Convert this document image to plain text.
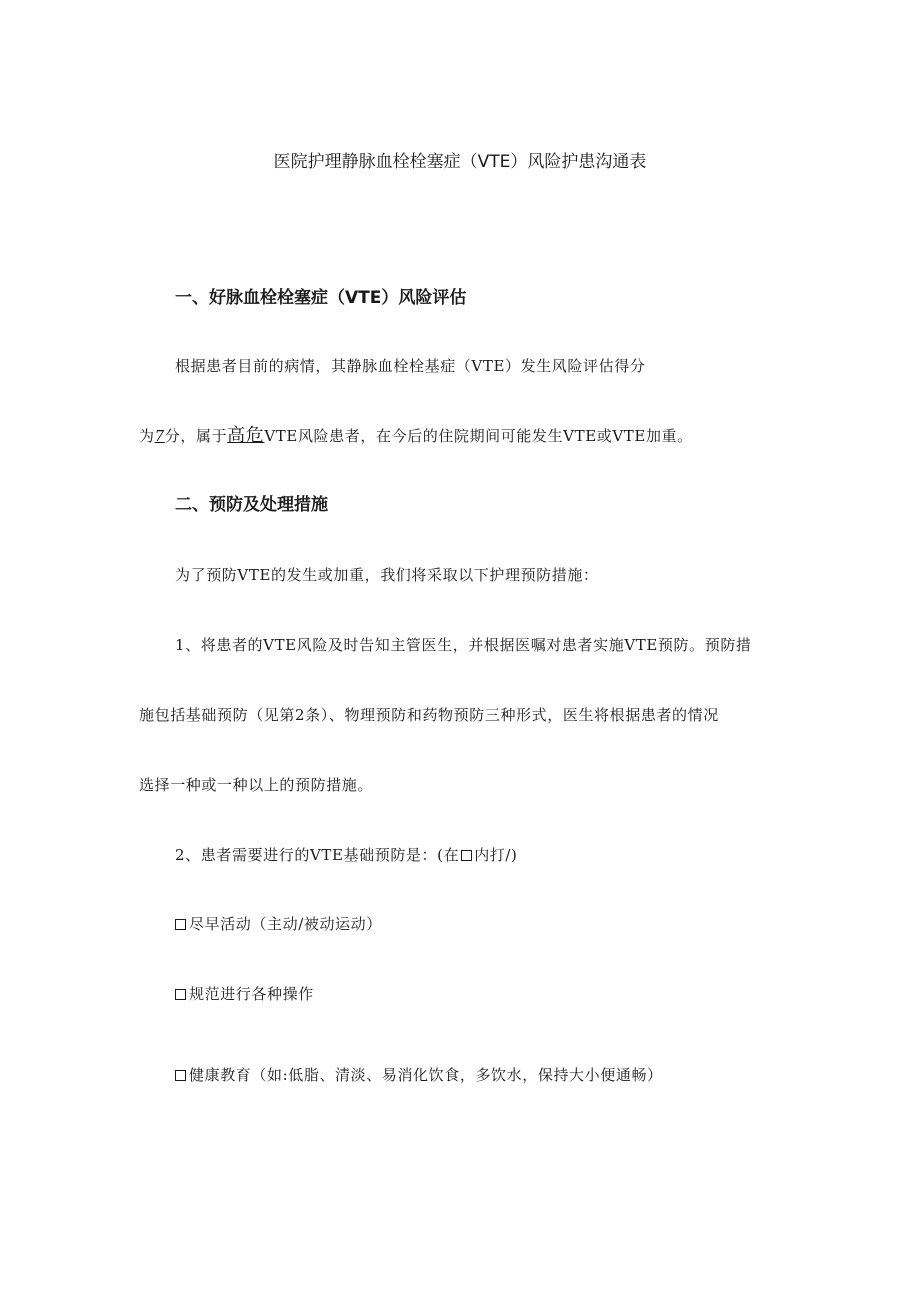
医院护理静脉血栓栓塞症（VTE）风险护患沟通表
一、好脉血栓栓塞症（VTE）风险评估
根据患者目前的病情，其静脉血栓栓基症（VTE）发生风险评估得分
为7分，属于高危VTE风险患者，在今后的住院期间可能发生VTE或VTE加重。
二、预防及处理措施
为了预防VTE的发生或加重，我们将采取以下护理预防措施：
1、将患者的VTE风险及时告知主管医生，并根据医嘱对患者实施VTE预防。预防措
施包括基础预防（见第2条）、物理预防和药物预防三种形式，医生将根据患者的情况
选择一种或一种以上的预防措施。
2、患者需要进行的VTE基础预防是：(在 内打/)
尽早活动（主动/被动运动）
规范进行各种操作
健康教育（如:低脂、清淡、易消化饮食，多饮水，保持大小便通畅）
